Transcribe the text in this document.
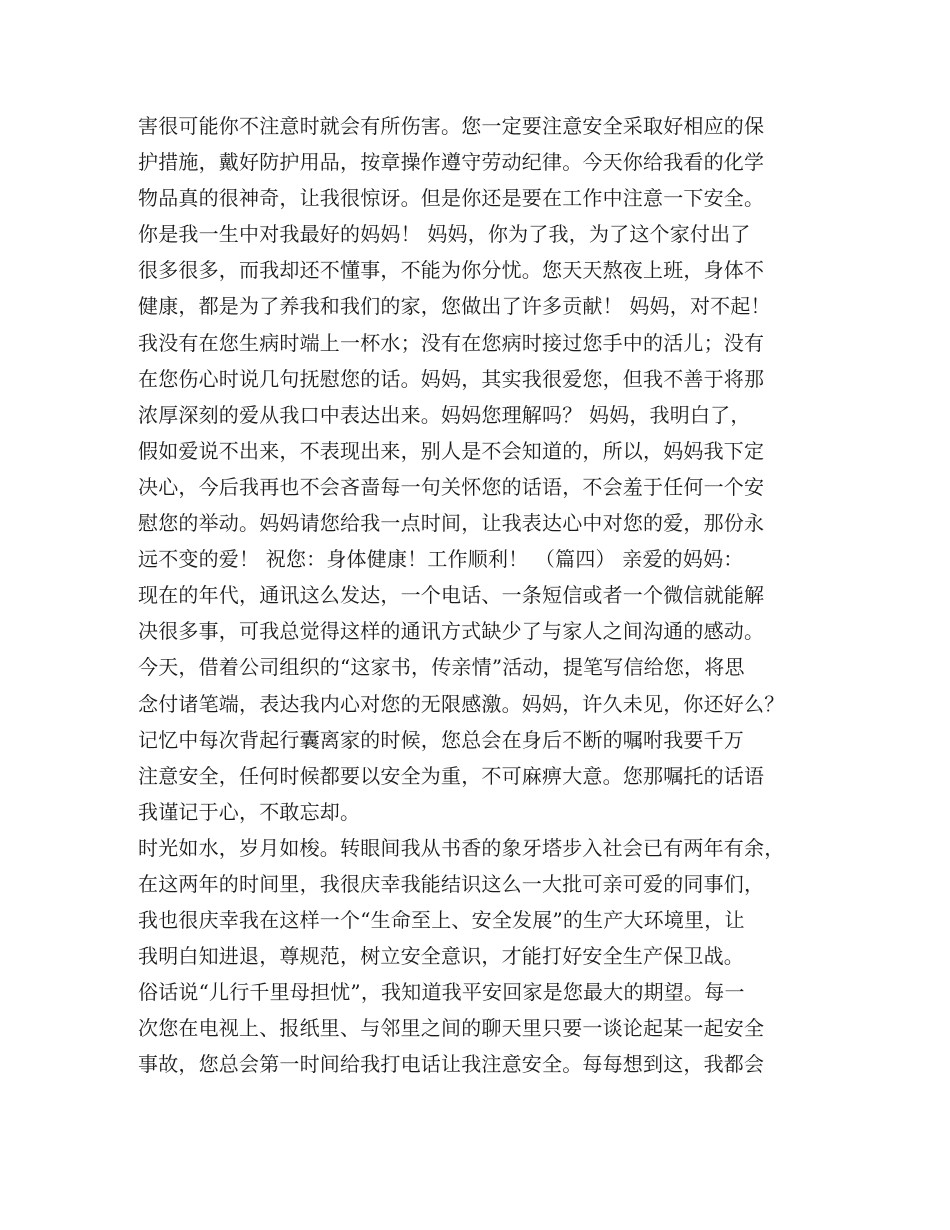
害很可能你不注意时就会有所伤害。您一定要注意安全采取好相应的保
护措施，戴好防护用品，按章操作遵守劳动纪律。今天你给我看的化学
物品真的很神奇，让我很惊讶。但是你还是要在工作中注意一下安全。
你是我一生中对我最好的妈妈！ 妈妈，你为了我，为了这个家付出了
很多很多，而我却还不懂事，不能为你分忧。您天天熬夜上班，身体不
健康，都是为了养我和我们的家，您做出了许多贡献！ 妈妈，对不起！
我没有在您生病时端上一杯水；没有在您病时接过您手中的活儿；没有
在您伤心时说几句抚慰您的话。妈妈，其实我很爱您，但我不善于将那
浓厚深刻的爱从我口中表达出来。妈妈您理解吗？ 妈妈，我明白了，
假如爱说不出来，不表现出来，别人是不会知道的，所以，妈妈我下定
决心，今后我再也不会吝啬每一句关怀您的话语，不会羞于任何一个安
慰您的举动。妈妈请您给我一点时间，让我表达心中对您的爱，那份永
远不变的爱！ 祝您：身体健康！工作顺利！ （篇四） 亲爱的妈妈：
现在的年代，通讯这么发达，一个电话、一条短信或者一个微信就能解
决很多事，可我总觉得这样的通讯方式缺少了与家人之间沟通的感动。
今天，借着公司组织的“这家书，传亲情”活动，提笔写信给您，将思
念付诸笔端，表达我内心对您的无限感激。妈妈，许久未见，你还好么？
记忆中每次背起行囊离家的时候，您总会在身后不断的嘱咐我要千万
注意安全，任何时候都要以安全为重，不可麻痹大意。您那嘱托的话语
我谨记于心，不敢忘却。
时光如水，岁月如梭。转眼间我从书香的象牙塔步入社会已有两年有余，
在这两年的时间里，我很庆幸我能结识这么一大批可亲可爱的同事们，
我也很庆幸我在这样一个“生命至上、安全发展”的生产大环境里，让
我明白知进退，尊规范，树立安全意识，才能打好安全生产保卫战。
俗话说“儿行千里母担忧”，我知道我平安回家是您最大的期望。每一
次您在电视上、报纸里、与邻里之间的聊天里只要一谈论起某一起安全
事故，您总会第一时间给我打电话让我注意安全。每每想到这，我都会
